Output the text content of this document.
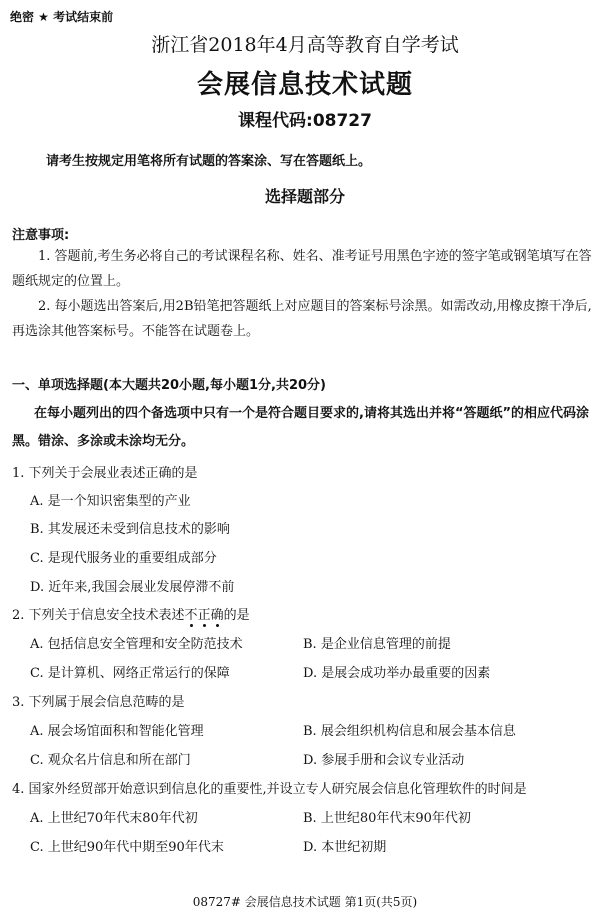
绝密 ★ 考试结束前
浙江省2018年4月高等教育自学考试
会展信息技术试题
课程代码:08727
请考生按规定用笔将所有试题的答案涂、写在答题纸上。
选择题部分
注意事项:
1. 答题前,考生务必将自己的考试课程名称、姓名、准考证号用黑色字迹的签字笔或钢笔填写在答题纸规定的位置上。
2. 每小题选出答案后,用2B铅笔把答题纸上对应题目的答案标号涂黑。如需改动,用橡皮擦干净后,再选涂其他答案标号。不能答在试题卷上。
一、单项选择题(本大题共20小题,每小题1分,共20分)
在每小题列出的四个备选项中只有一个是符合题目要求的,请将其选出并将“答题纸”的相应代码涂黑。错涂、多涂或未涂均无分。
1. 下列关于会展业表述正确的是
A. 是一个知识密集型的产业
B. 其发展还未受到信息技术的影响
C. 是现代服务业的重要组成部分
D. 近年来,我国会展业发展停滞不前
2. 下列关于信息安全技术表述不正确的是
A. 包括信息安全管理和安全防范技术	B. 是企业信息管理的前提
C. 是计算机、网络正常运行的保障	D. 是展会成功举办最重要的因素
3. 下列属于展会信息范畴的是
A. 展会场馆面积和智能化管理	B. 展会组织机构信息和展会基本信息
C. 观众名片信息和所在部门	D. 参展手册和会议专业活动
4. 国家外经贸部开始意识到信息化的重要性,并设立专人研究展会信息化管理软件的时间是
A. 上世纪70年代末80年代初	B. 上世纪80年代末90年代初
C. 上世纪90年代中期至90年代末	D. 本世纪初期
08727# 会展信息技术试题 第1页(共5页)
